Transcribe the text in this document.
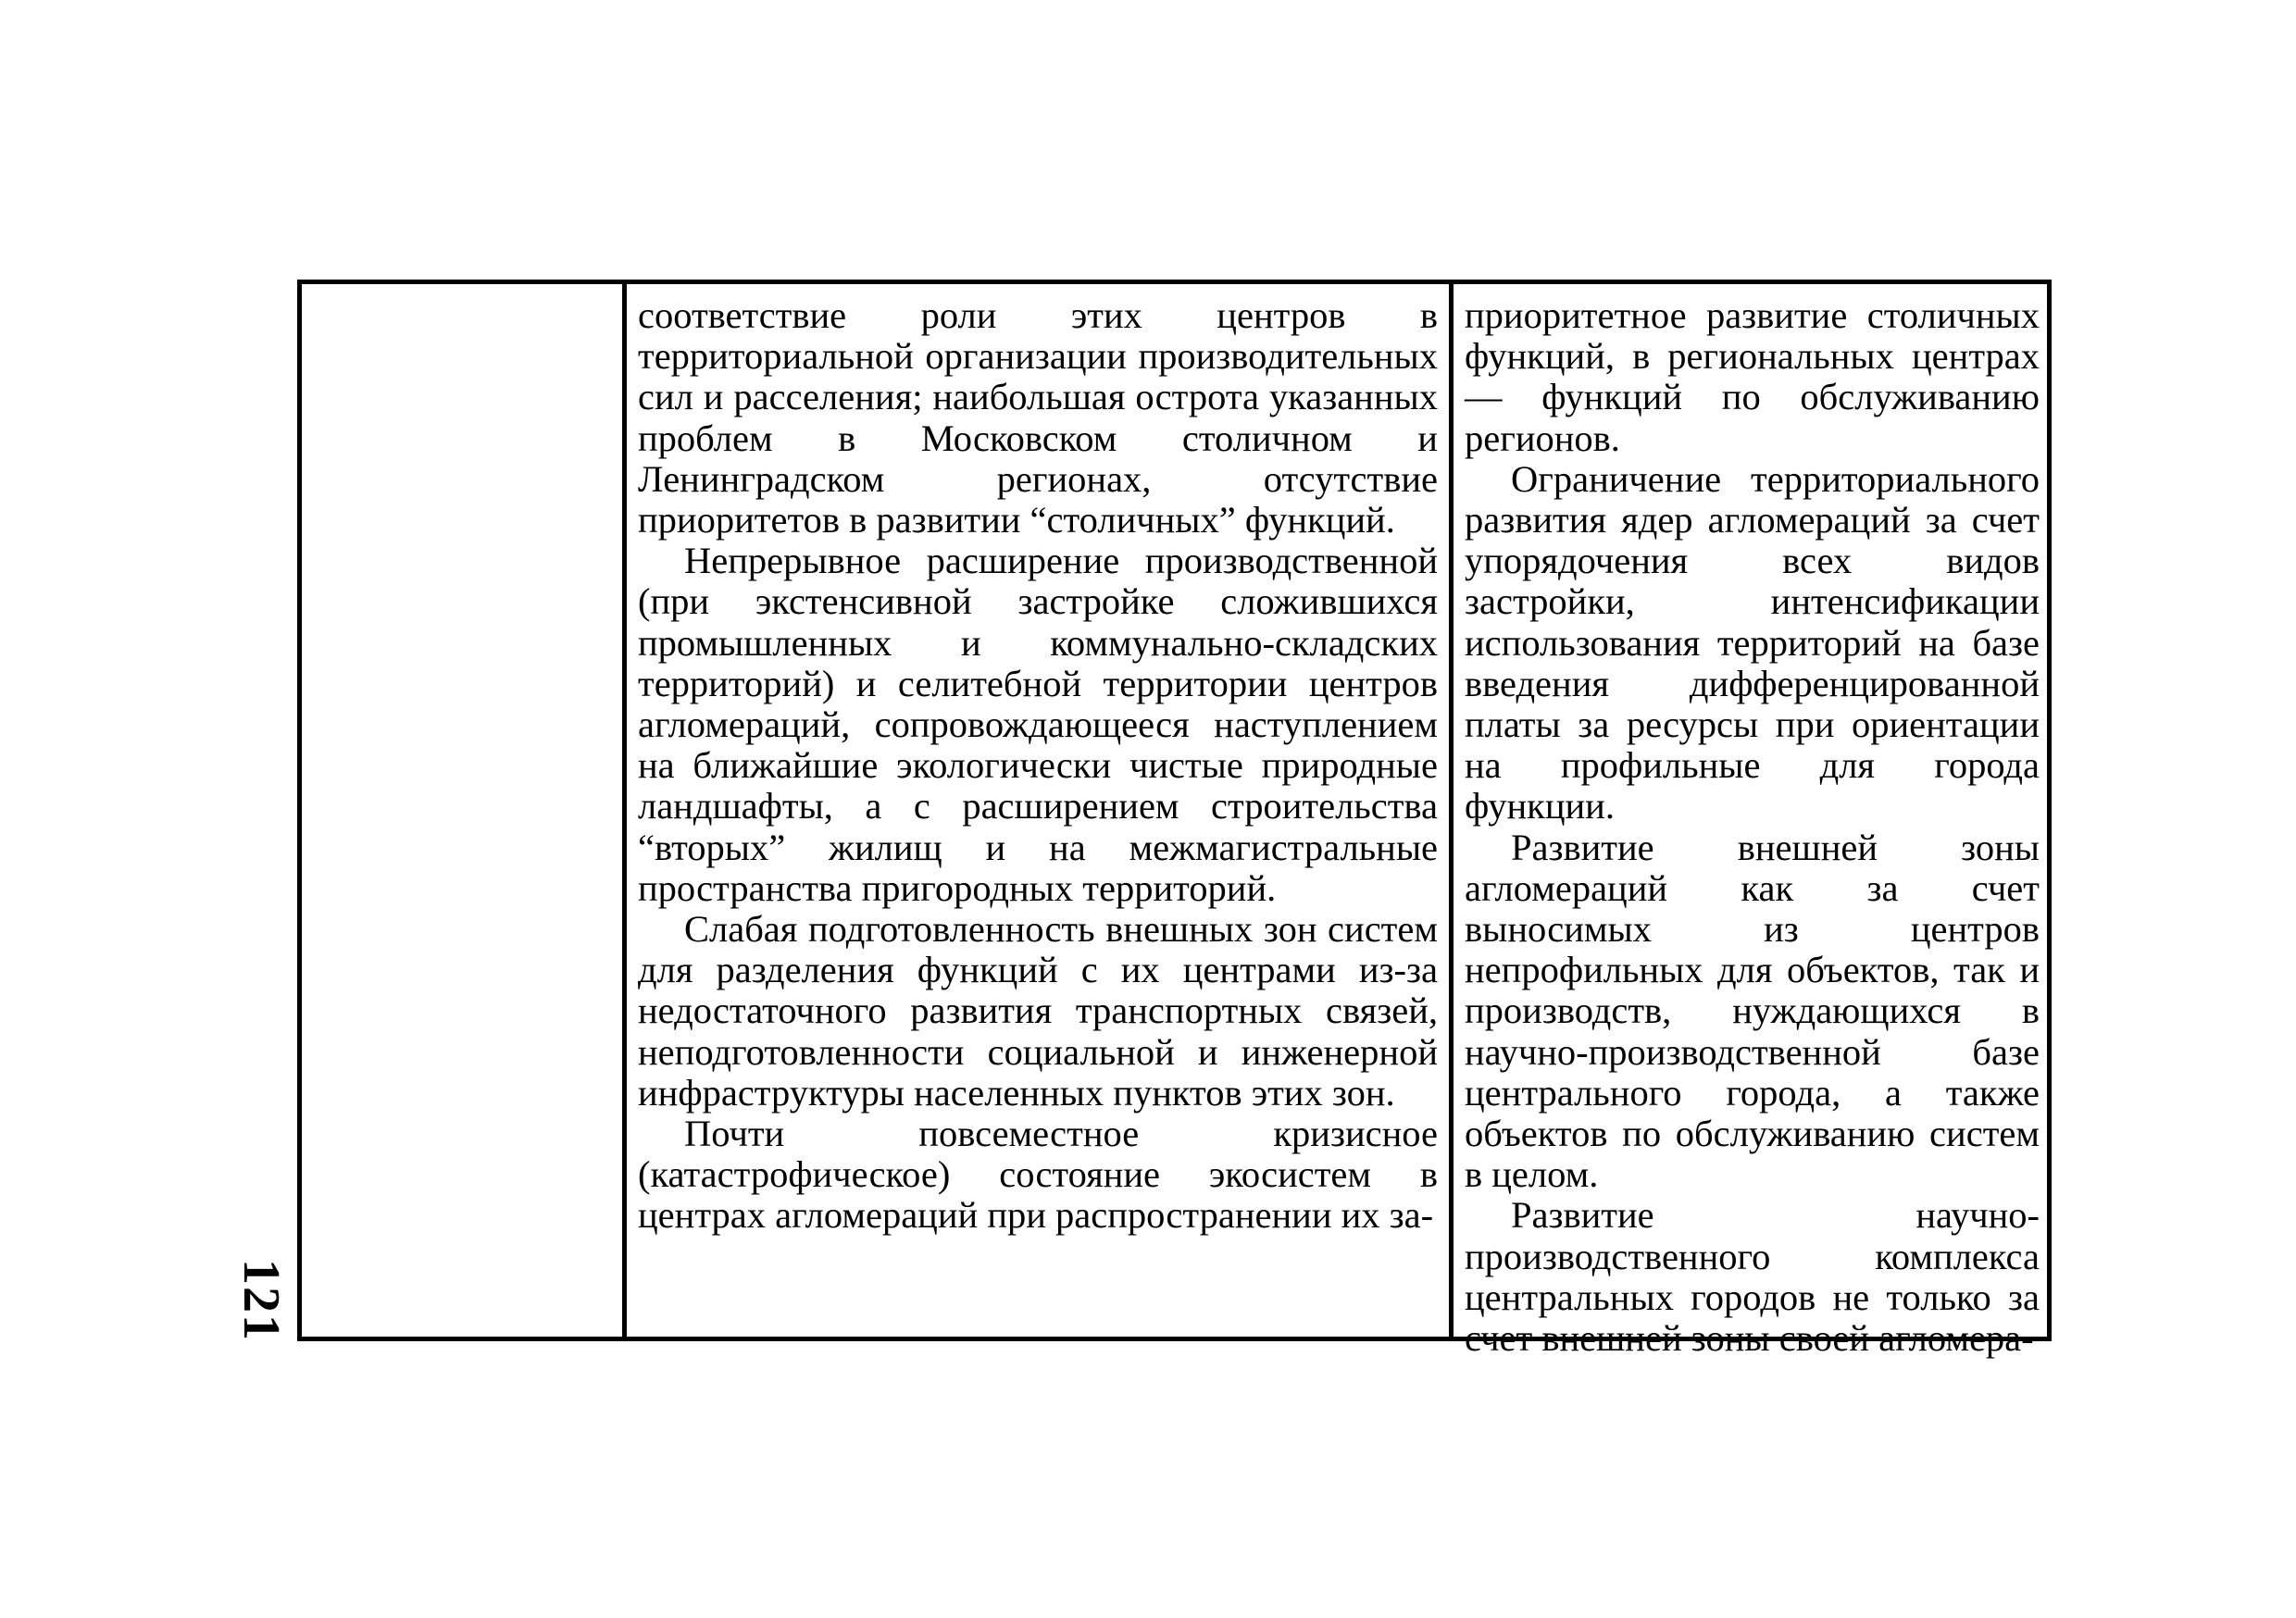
121

соответствие роли этих центров в территориальной организации производительных сил и расселения; наибольшая острота указанных проблем в Московском столичном и Ленинградском регионах, отсутствие приоритетов в развитии “столичных” функций.

Непрерывное расширение производственной (при экстенсивной застройке сложившихся промышленных и коммунально-складских территорий) и селитебной территории центров агломераций, сопровождающееся наступлением на ближайшие экологически чистые природные ландшафты, а с расширением строительства “вторых” жилищ и на межмагистральные пространства пригородных территорий.

Слабая подготовленность внешных зон систем для разделения функций с их центрами из-за недостаточного развития транспортных связей, неподготовленности социальной и инженерной инфраструктуры населенных пунктов этих зон.

Почти повсеместное кризисное (катастрофическое) состояние экосистем в центрах агломераций при распространении их за-

приоритетное развитие столичных функций, в региональных центрах — функций по обслуживанию регионов.

Ограничение территориального развития ядер агломераций за счет упорядочения всех видов застройки, интенсификации использования территорий на базе введения дифференцированной платы за ресурсы при ориентации на профильные для города функции.

Развитие внешней зоны агломераций как за счет выносимых из центров непрофильных для объектов, так и производств, нуждающихся в научно-производственной базе центрального города, а также объектов по обслуживанию систем в целом.

Развитие научно-производственного комплекса центральных городов не только за счет внешней зоны своей агломера-
